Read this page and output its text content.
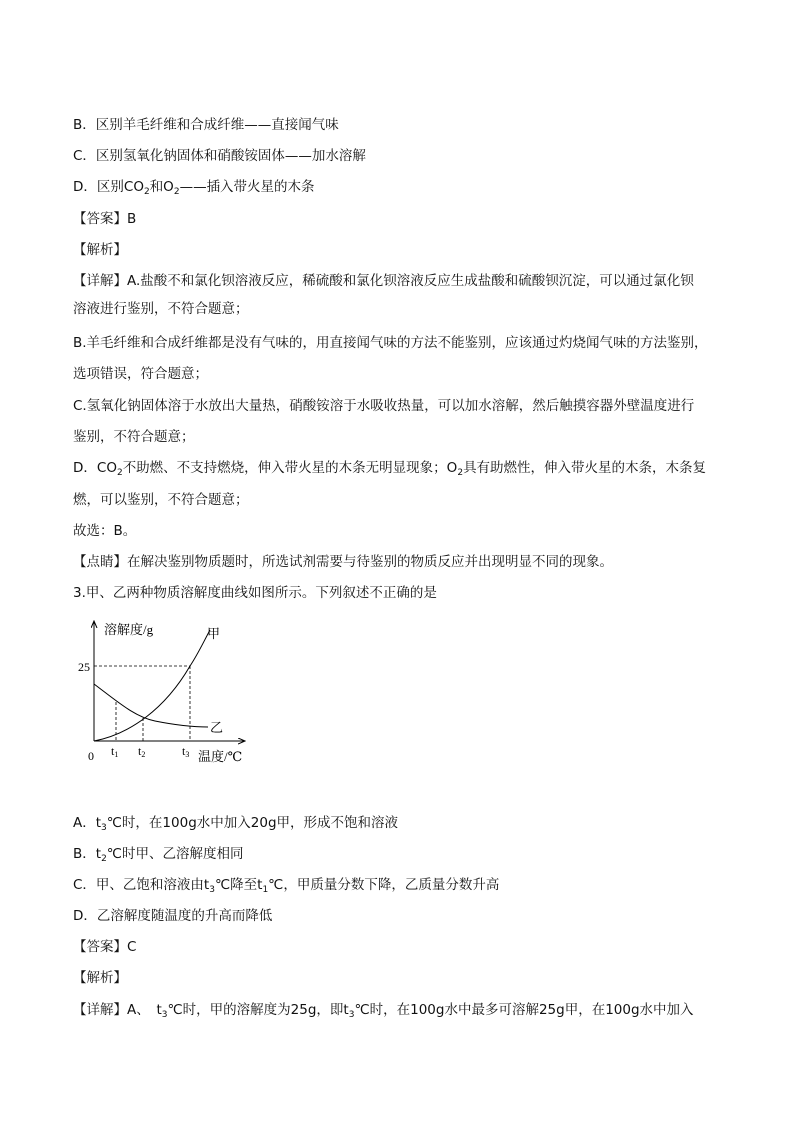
B．区别羊毛纤维和合成纤维——直接闻气味
C．区别氢氧化钠固体和硝酸铵固体——加水溶解
D．区别$CO_2$和$O_2——$插入带火星的木条
【答案】B
【解析】
【详解】A.盐酸不和氯化钡溶液反应，稀硫酸和氯化钡溶液反应生成盐酸和硫酸钡沉淀，可以通过氯化钡
溶液进行鉴别，不符合题意；
B.羊毛纤维和合成纤维都是没有气味的，用直接闻气味的方法不能鉴别，应该通过灼烧闻气味的方法鉴别，
选项错误，符合题意；
C.氢氧化钠固体溶于水放出大量热，硝酸铵溶于水吸收热量，可以加水溶解，然后触摸容器外壁温度进行
鉴别，不符合题意；
D．$CO_2$不助燃、不支持燃烧，伸入带火星的木条无明显现象；$O_2$具有助燃性，伸入带火星的木条，木条复
燃，可以鉴别，不符合题意；
故选：B。
【点睛】在解决鉴别物质题时，所选试剂需要与待鉴别的物质反应并出现明显不同的现象。
3.甲、乙两种物质溶解度曲线如图所示。下列叙述不正确的是
溶解度/g
温度/℃
0
25
甲
乙
t1 t2	t3
A．$t_3℃$时，在100g水中加入20g甲，形成不饱和溶液
B．$t_2℃$时甲、乙溶解度相同
C．甲、乙饱和溶液由$t_3℃$降至$t_1℃$，甲质量分数下降，乙质量分数升高
D．乙溶解度随温度的升高而降低
【答案】C
【解析】
【详解】A、　$t_3℃$时，甲的溶解度为25g，即$t_3℃$时，在100g水中最多可溶解25g甲，在100g水中加入
